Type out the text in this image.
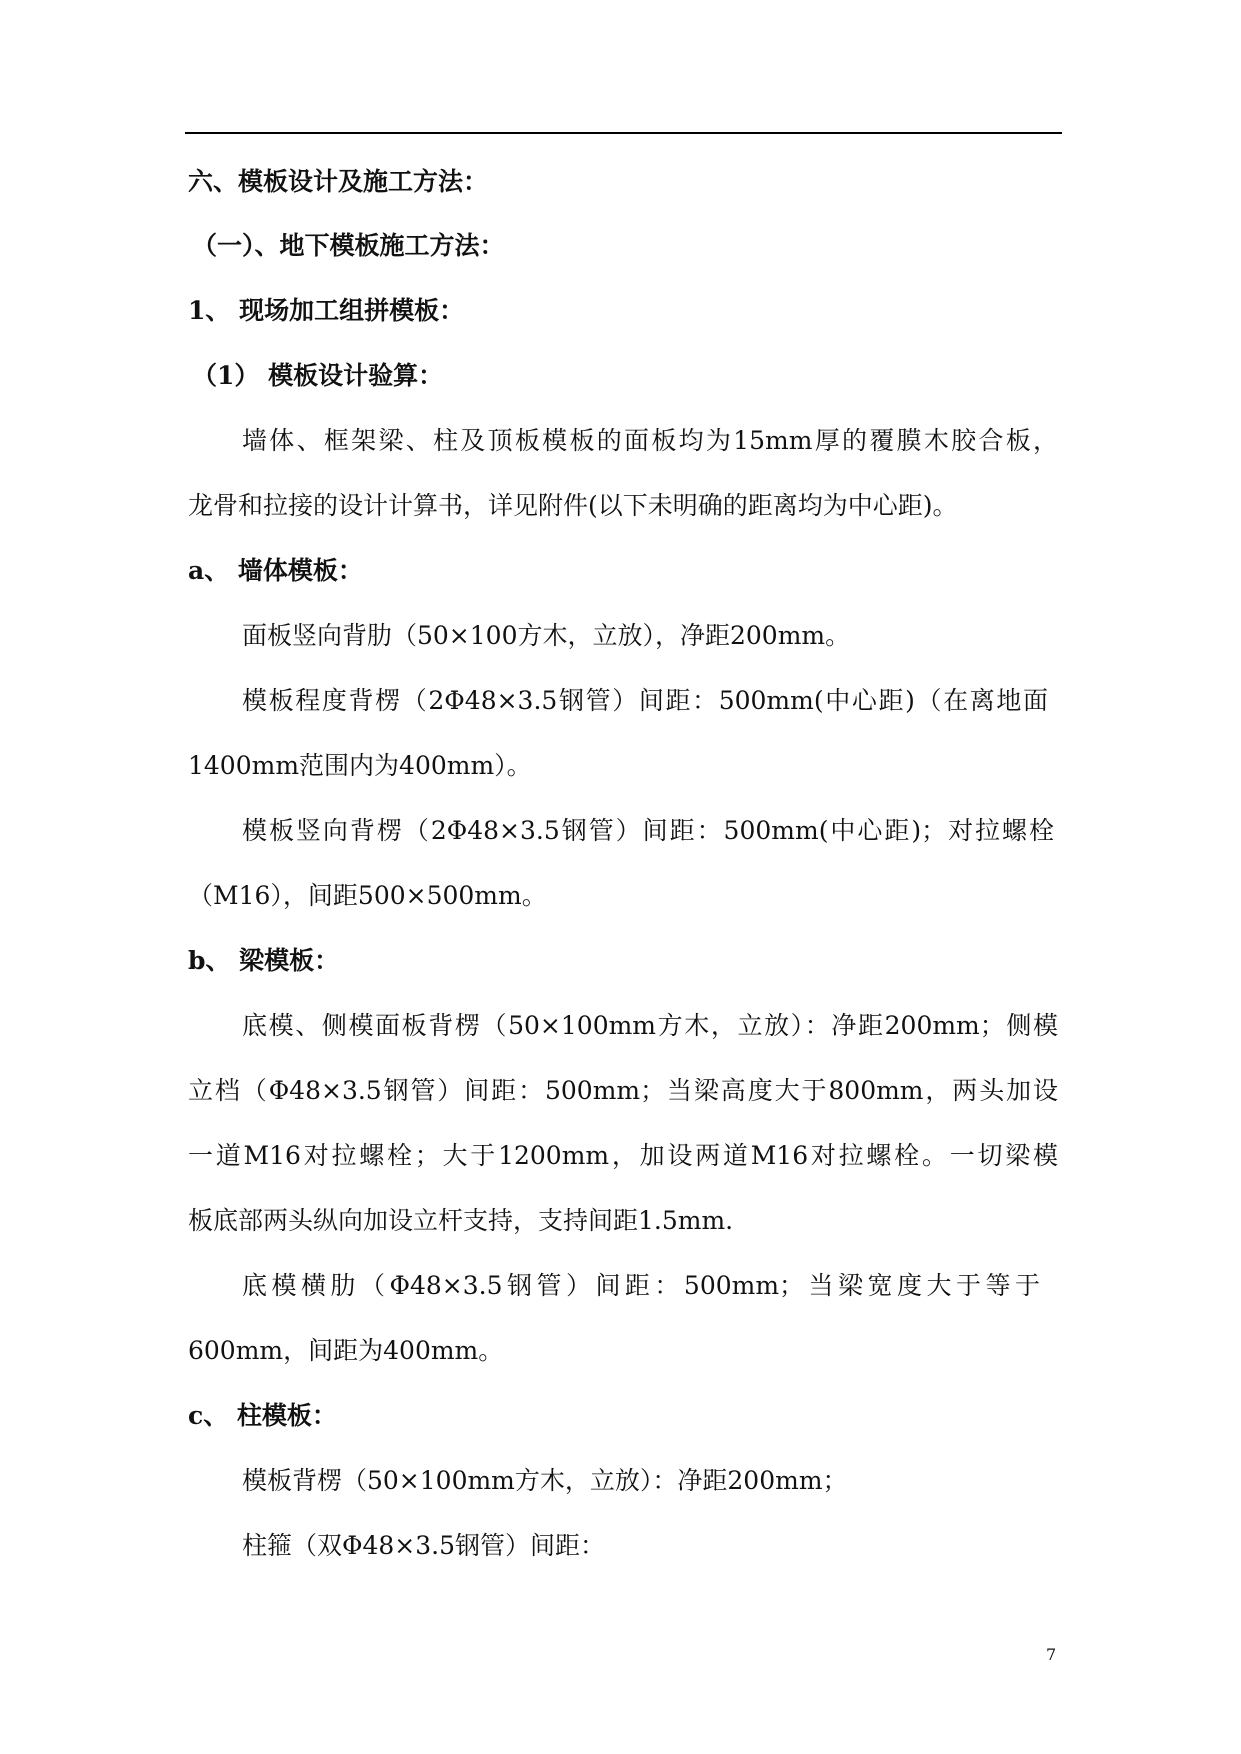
六、模板设计及施工方法：
（一）、地下模板施工方法：
1、 现场加工组拼模板：
（1） 模板设计验算：
墙体、框架梁、柱及顶板模板的面板均为15mm厚的覆膜木胶合板，
龙骨和拉接的设计计算书，详见附件(以下未明确的距离均为中心距)。
a、 墙体模板：
面板竖向背肋（50×100方木，立放），净距200mm。
模板程度背楞（2Φ48×3.5钢管）间距：500mm(中心距)（在离地面
1400mm范围内为400mm）。
模板竖向背楞（2Φ48×3.5钢管）间距：500mm(中心距)；对拉螺栓
（M16），间距500×500mm。
b、 梁模板：
底模、侧模面板背楞（50×100mm方木，立放）：净距200mm；侧模
立档（Φ48×3.5钢管）间距：500mm；当梁高度大于800mm，两头加设
一道M16对拉螺栓；大于1200mm，加设两道M16对拉螺栓。一切梁模
板底部两头纵向加设立杆支持，支持间距1.5mm.
底模横肋（Φ48×3.5钢管）间距：500mm；当梁宽度大于等于
600mm，间距为400mm。
c、 柱模板：
模板背楞（50×100mm方木，立放）：净距200mm；
柱箍（双Φ48×3.5钢管）间距：
7
